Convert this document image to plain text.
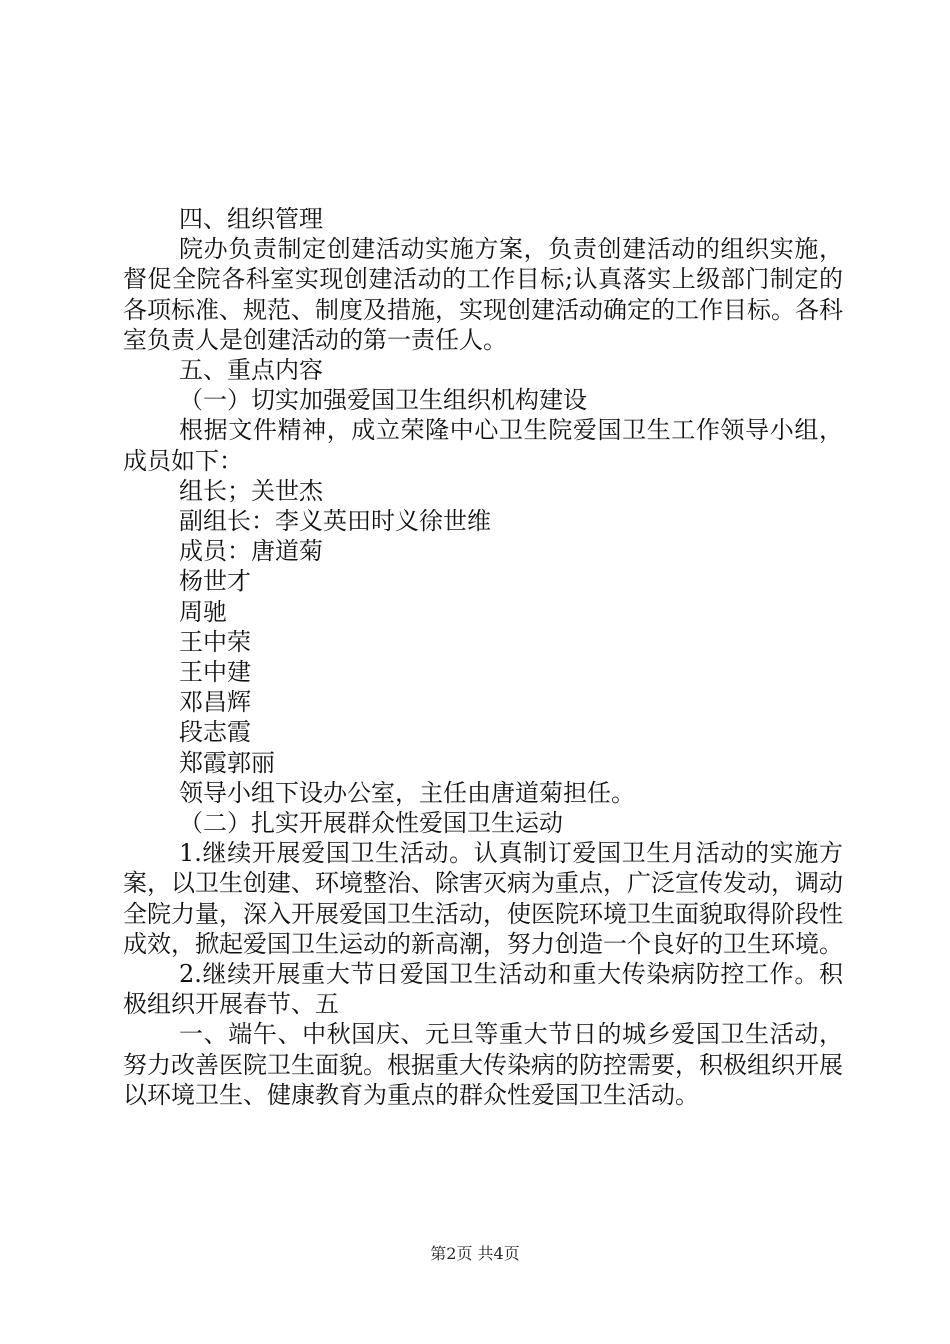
四、组织管理

院办负责制定创建活动实施方案，负责创建活动的组织实施，督促全院各科室实现创建活动的工作目标;认真落实上级部门制定的各项标准、规范、制度及措施，实现创建活动确定的工作目标。各科室负责人是创建活动的第一责任人。

五、重点内容

（一）切实加强爱国卫生组织机构建设

根据文件精神，成立荣隆中心卫生院爱国卫生工作领导小组，成员如下：

组长；关世杰

副组长：李义英田时义徐世维

成员：唐道菊

杨世才

周驰

王中荣

王中建

邓昌辉

段志霞

郑霞郭丽

领导小组下设办公室，主任由唐道菊担任。

（二）扎实开展群众性爱国卫生运动

1.继续开展爱国卫生活动。认真制订爱国卫生月活动的实施方案，以卫生创建、环境整治、除害灭病为重点，广泛宣传发动，调动全院力量，深入开展爱国卫生活动，使医院环境卫生面貌取得阶段性成效，掀起爱国卫生运动的新高潮，努力创造一个良好的卫生环境。

2.继续开展重大节日爱国卫生活动和重大传染病防控工作。积极组织开展春节、五

一、端午、中秋国庆、元旦等重大节日的城乡爱国卫生活动，努力改善医院卫生面貌。根据重大传染病的防控需要，积极组织开展以环境卫生、健康教育为重点的群众性爱国卫生活动。

第2页 共4页
